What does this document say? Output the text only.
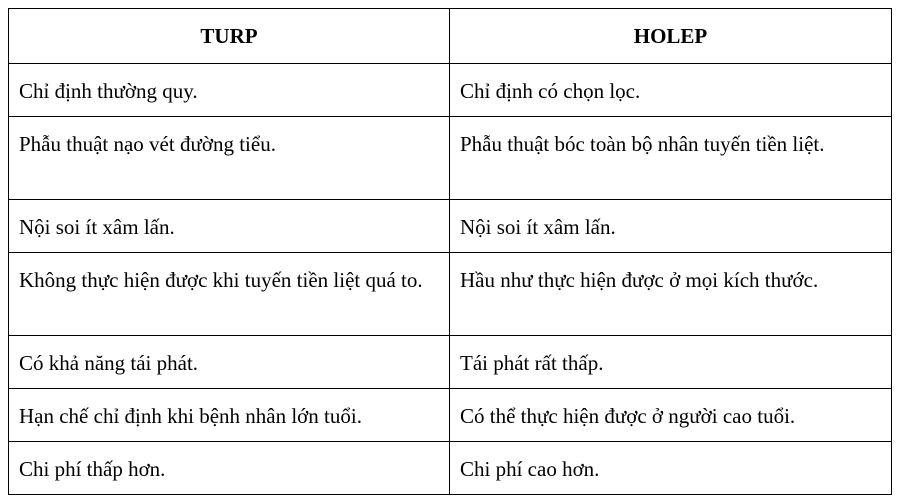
TURP	HOLEP
Chỉ định thường quy.	Chỉ định có chọn lọc.
Phẫu thuật nạo vét đường tiểu.	Phẫu thuật bóc toàn bộ nhân tuyến tiền liệt.
Nội soi ít xâm lấn.	Nội soi ít xâm lấn.
Không thực hiện được khi tuyến tiền liệt quá to.	Hầu như thực hiện được ở mọi kích thước.
Có khả năng tái phát.	Tái phát rất thấp.
Hạn chế chỉ định khi bệnh nhân lớn tuổi.	Có thể thực hiện được ở người cao tuổi.
Chi phí thấp hơn.	Chi phí cao hơn.
